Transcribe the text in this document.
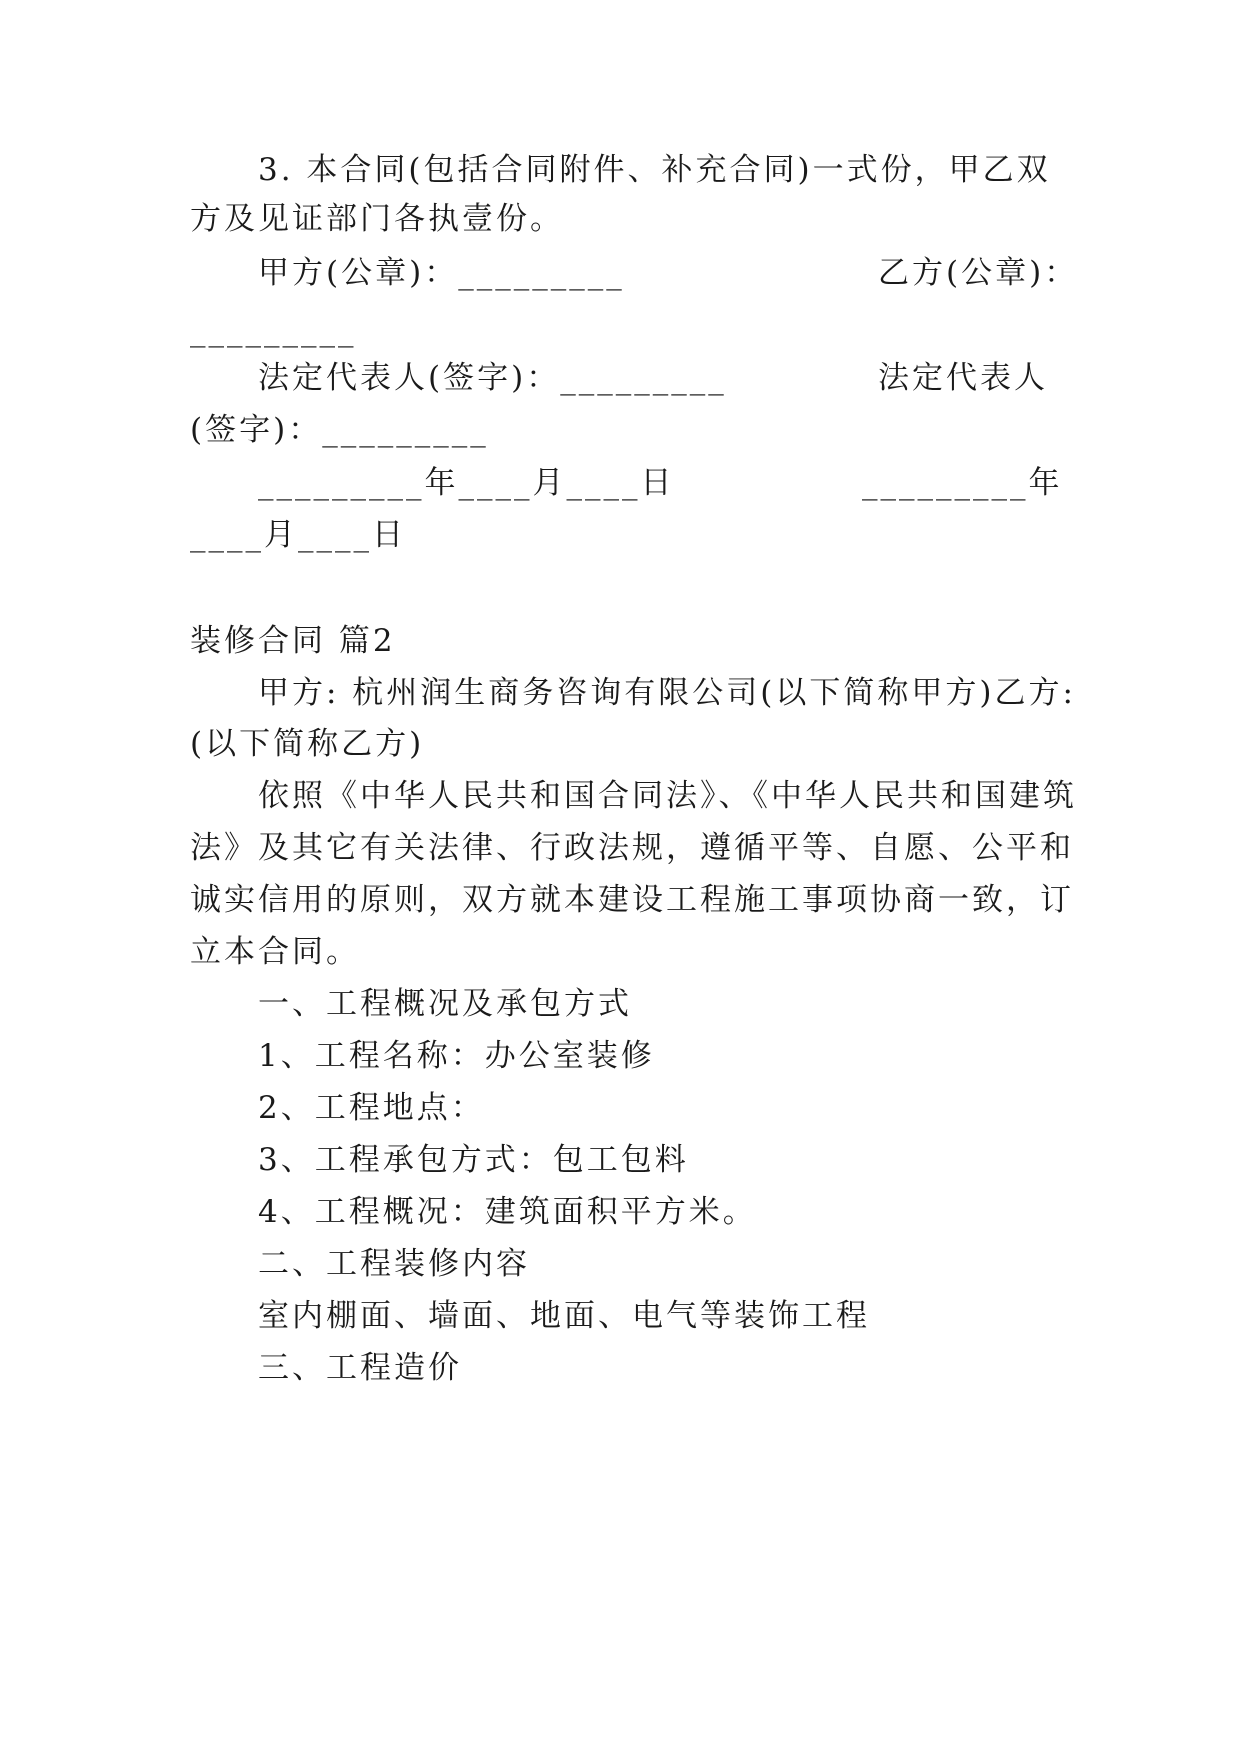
3. 本合同(包括合同附件、补充合同)一式份，甲乙双
方及见证部门各执壹份。
甲方(公章)：_________	乙方(公章)：
_________
法定代表人(签字)：_________	法定代表人
(签字)：_________
_________年____月____日	_________年
____月____日
装修合同 篇2
甲方: 杭州润生商务咨询有限公司(以下简称甲方)乙方:
(以下简称乙方)
依照《中华人民共和国合同法》、《中华人民共和国建筑
法》及其它有关法律、行政法规，遵循平等、自愿、公平和
诚实信用的原则，双方就本建设工程施工事项协商一致，订
立本合同。
一、工程概况及承包方式
1、工程名称：办公室装修
2、工程地点：
3、工程承包方式：包工包料
4、工程概况：建筑面积平方米。
二、工程装修内容
室内棚面、墙面、地面、电气等装饰工程
三、工程造价
